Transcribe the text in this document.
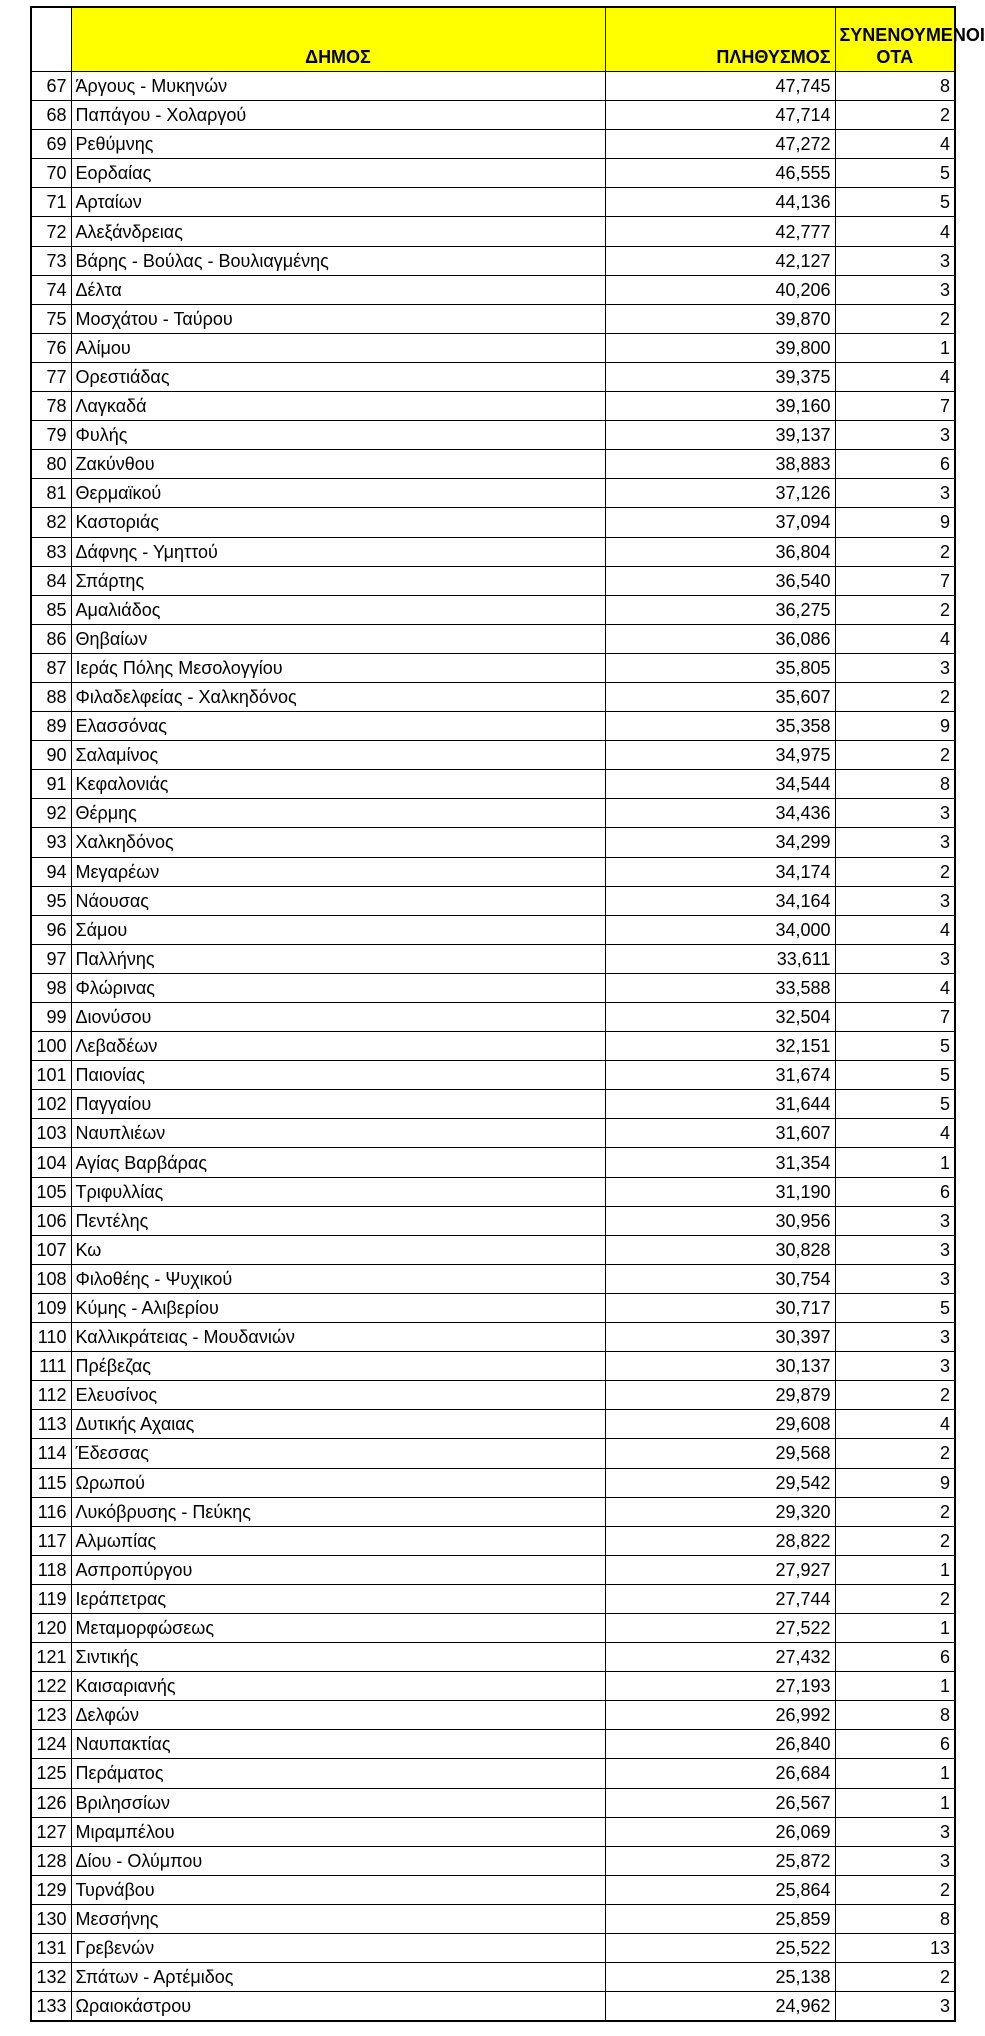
	ΔΗΜΟΣ	ΠΛΗΘΥΣΜΟΣ	ΣΥΝΕΝΟΥΜΕΝΟΙ
ΟΤΑ
67	Άργους - Μυκηνών	47,745	8
68	Παπάγου - Χολαργού	47,714	2
69	Ρεθύμνης	47,272	4
70	Εορδαίας	46,555	5
71	Αρταίων	44,136	5
72	Αλεξάνδρειας	42,777	4
73	Βάρης - Βούλας - Βουλιαγμένης	42,127	3
74	Δέλτα	40,206	3
75	Μοσχάτου - Ταύρου	39,870	2
76	Αλίμου	39,800	1
77	Ορεστιάδας	39,375	4
78	Λαγκαδά	39,160	7
79	Φυλής	39,137	3
80	Ζακύνθου	38,883	6
81	Θερμαϊκού	37,126	3
82	Καστοριάς	37,094	9
83	Δάφνης - Υμηττού	36,804	2
84	Σπάρτης	36,540	7
85	Αμαλιάδος	36,275	2
86	Θηβαίων	36,086	4
87	Ιεράς Πόλης Μεσολογγίου	35,805	3
88	Φιλαδελφείας - Χαλκηδόνος	35,607	2
89	Ελασσόνας	35,358	9
90	Σαλαμίνος	34,975	2
91	Κεφαλονιάς	34,544	8
92	Θέρμης	34,436	3
93	Χαλκηδόνος	34,299	3
94	Μεγαρέων	34,174	2
95	Νάουσας	34,164	3
96	Σάμου	34,000	4
97	Παλλήνης	33,611	3
98	Φλώρινας	33,588	4
99	Διονύσου	32,504	7
100	Λεβαδέων	32,151	5
101	Παιονίας	31,674	5
102	Παγγαίου	31,644	5
103	Ναυπλιέων	31,607	4
104	Αγίας Βαρβάρας	31,354	1
105	Τριφυλλίας	31,190	6
106	Πεντέλης	30,956	3
107	Κω	30,828	3
108	Φιλοθέης - Ψυχικού	30,754	3
109	Κύμης - Αλιβερίου	30,717	5
110	Καλλικράτειας - Μουδανιών	30,397	3
111	Πρέβεζας	30,137	3
112	Ελευσίνος	29,879	2
113	Δυτικής Αχαιας	29,608	4
114	Έδεσσας	29,568	2
115	Ωρωπού	29,542	9
116	Λυκόβρυσης - Πεύκης	29,320	2
117	Αλμωπίας	28,822	2
118	Ασπροπύργου	27,927	1
119	Ιεράπετρας	27,744	2
120	Μεταμορφώσεως	27,522	1
121	Σιντικής	27,432	6
122	Καισαριανής	27,193	1
123	Δελφών	26,992	8
124	Ναυπακτίας	26,840	6
125	Περάματος	26,684	1
126	Βριλησσίων	26,567	1
127	Μιραμπέλου	26,069	3
128	Δίου - Ολύμπου	25,872	3
129	Τυρνάβου	25,864	2
130	Μεσσήνης	25,859	8
131	Γρεβενών	25,522	13
132	Σπάτων - Αρτέμιδος	25,138	2
133	Ωραιοκάστρου	24,962	3
